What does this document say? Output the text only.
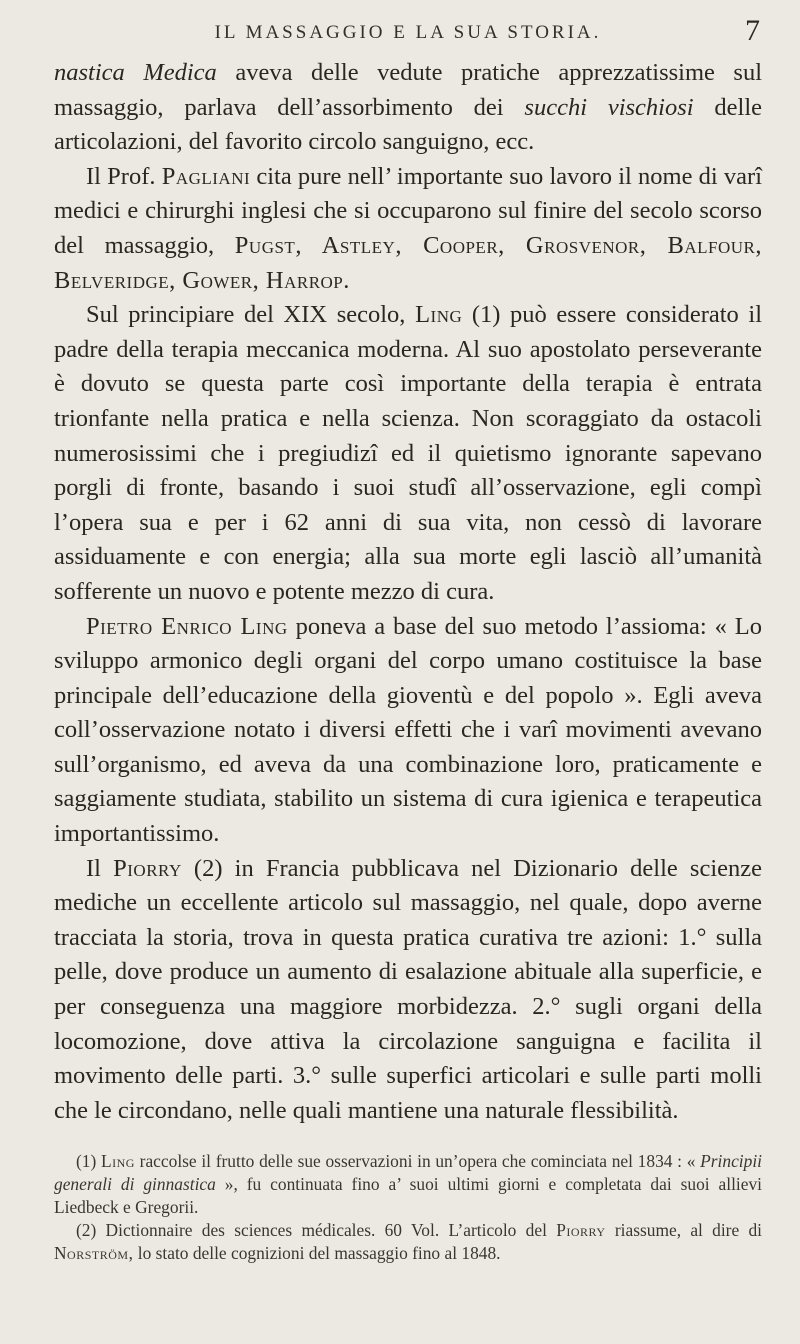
IL MASSAGGIO E LA SUA STORIA.	7

nastica Medica aveva delle vedute pratiche apprezzatissime sul massaggio, parlava dell’assorbimento dei succhi vischiosi delle articolazioni, del favorito circolo sanguigno, ecc.

Il Prof. Pagliani cita pure nell’ importante suo lavoro il nome di varî medici e chirurghi inglesi che si occuparono sul finire del secolo scorso del massaggio, Pugst, Astley, Cooper, Grosvenor, Balfour, Belveridge, Gower, Harrop.

Sul principiare del XIX secolo, Ling (1) può essere considerato il padre della terapia meccanica moderna. Al suo apostolato perseverante è dovuto se questa parte così importante della terapia è entrata trionfante nella pratica e nella scienza. Non scoraggiato da ostacoli numerosissimi che i pregiudizî ed il quietismo ignorante sapevano porgli di fronte, basando i suoi studî all’osservazione, egli compì l’opera sua e per i 62 anni di sua vita, non cessò di lavorare assiduamente e con energia; alla sua morte egli lasciò all’umanità sofferente un nuovo e potente mezzo di cura.

Pietro Enrico Ling poneva a base del suo metodo l’assioma: « Lo sviluppo armonico degli organi del corpo umano costituisce la base principale dell’educazione della gioventù e del popolo ». Egli aveva coll’osservazione notato i diversi effetti che i varî movimenti avevano sull’organismo, ed aveva da una combinazione loro, praticamente e saggiamente studiata, stabilito un sistema di cura igienica e terapeutica importantissimo.

Il Piorry (2) in Francia pubblicava nel Dizionario delle scienze mediche un eccellente articolo sul massaggio, nel quale, dopo averne tracciata la storia, trova in questa pratica curativa tre azioni: 1.° sulla pelle, dove produce un aumento di esalazione abituale alla superficie, e per conseguenza una maggiore morbidezza. 2.° sugli organi della locomozione, dove attiva la circolazione sanguigna e facilita il movimento delle parti. 3.° sulle superfici articolari e sulle parti molli che le circondano, nelle quali mantiene una naturale flessibilità.

(1) Ling raccolse il frutto delle sue osservazioni in un’opera che cominciata nel 1834 : « Principii generali di ginnastica », fu continuata fino a’ suoi ultimi giorni e completata dai suoi allievi Liedbeck e Gregorii.

(2) Dictionnaire des sciences médicales. 60 Vol. L’articolo del Piorry riassume, al dire di Norström, lo stato delle cognizioni del massaggio fino al 1848.
